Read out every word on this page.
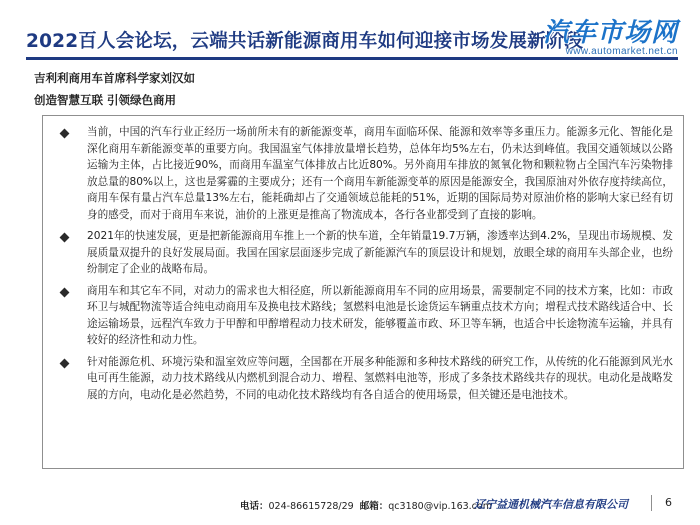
2022百人会论坛，云端共话新能源商用车如何迎接市场发展新阶段
汽车市场网
www.automarket.net.cn
吉利利商用车首席科学家刘汉如
创造智慧互联 引领绿色商用
当前，中国的汽车行业正经历一场前所未有的新能源变革，商用车面临环保、能源和效率等多重压力。能源多元化、智能化是深化商用车新能源变革的重要方向。我国温室气体排放量增长趋势，总体年均5%左右，仍未达到峰值。我国交通领域以公路运输为主体，占比接近90%，而商用车温室气体排放占比近80%。另外商用车排放的氮氧化物和颗粒物占全国汽车污染物排放总量的80%以上，这也是雾霾的主要成分；还有一个商用车新能源变革的原因是能源安全，我国原油对外依存度持续高位，商用车保有量占汽车总量13%左右，能耗确却占了交通领域总能耗的51%，近期的国际局势对原油价格的影响大家已经有切身的感受，而对于商用车来说，油价的上涨更是推高了物流成本，各行各业都受到了直接的影响。
2021年的快速发展，更是把新能源商用车推上一个新的快车道，全年销量19.7万辆，渗透率达到4.2%，呈现出市场规模、发展质量双提升的良好发展局面。我国在国家层面逐步完成了新能源汽车的顶层设计和规划，放眼全球的商用车头部企业，也纷纷制定了企业的战略布局。
商用车和其它车不同，对动力的需求也大相径庭，所以新能源商用车不同的应用场景，需要制定不同的技术方案，比如：市政环卫与城配物流等适合纯电动商用车及换电技术路线；氢燃料电池是长途货运车辆重点技术方向；增程式技术路线适合中、长途运输场景，远程汽车致力于甲醇和甲醇增程动力技术研发，能够覆盖市政、环卫等车辆，也适合中长途物流车运输，并具有较好的经济性和动力性。
针对能源危机、环境污染和温室效应等问题，全国都在开展多种能源和多种技术路线的研究工作，从传统的化石能源到风光水电可再生能源，动力技术路线从内燃机到混合动力、增程、氢燃料电池等，形成了多条技术路线共存的现状。电动化是战略发展的方向，电动化是必然趋势，不同的电动化技术路线均有各自适合的使用场景，但关键还是电池技术。
电话：024-86615728/29 邮箱：qc3180@vip.163.com
辽宁益通机械汽车信息有限公司	6
